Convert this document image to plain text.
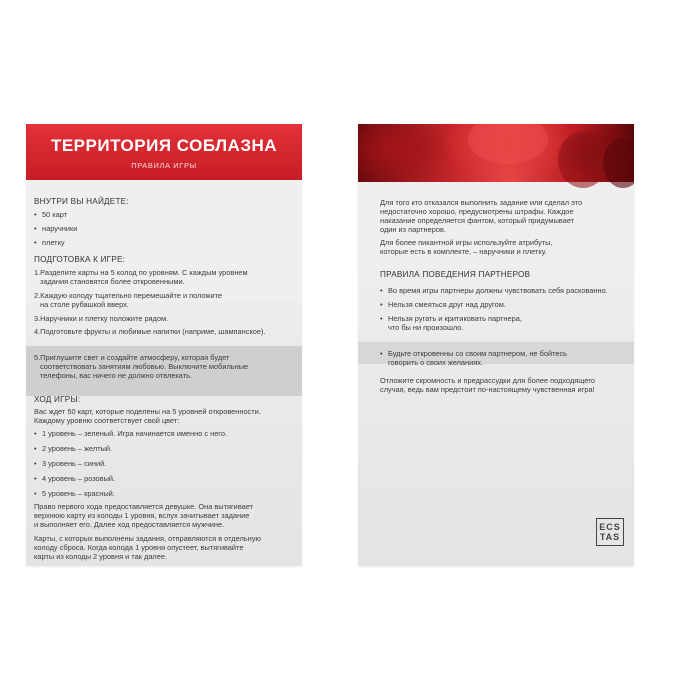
ТЕРРИТОРИЯ СОБЛАЗНА
ПРАВИЛА ИГРЫ
ВНУТРИ ВЫ НАЙДЕТЕ:
• 50 карт
• наручники
• плетку
ПОДГОТОВКА К ИГРЕ:
1.Разделите карты на 5 колод по уровням. С каждым уровнем
задания становятся более откровенными.
2.Каждую колоду тщательно перемешайте и положите
на столе рубашкой вверх.
3.Наручники и плетку положите рядом.
4.Подготовьте фрукты и любимые напитки (наприме, шампанское).
5.Приглушите свет и создайте атмосферу, которая будет
соответствовать занятиям любовью. Выключите мобильные
телефоны, вас ничего не должно отвлекать.
ХОД ИГРЫ:
Вас ждет 50 карт, которые поделены на 5 уровней откровенности.
Каждому уровню соответствует свой цвет:
• 1 уровень – зеленый. Игра начинается именно с него.
• 2 уровень – желтый.
• 3 уровень – синий.
• 4 уровень – розовый.
• 5 уровень – красный.
Право первого хода предоставляется девушке. Она вытягивает
верхнюю карту из колоды 1 уровня, вслух зачитывает задание
и выполняет его. Далее ход предоставляется мужчине.
Карты, с которых выполнены задания, отправляются в отдельную
колоду сброса. Когда колода 1 уровня опустеет, вытягивайте
карты из колоды 2 уровня и так далее.
Для того кто отказался выполнить задание или сделал это
недостаточно хорошо, предусмотрены штрафы. Каждое
наказание определяется фантом, который придумывает
один из партнеров.
Для более пикантной игры используйте атрибуты,
которые есть в комплекте, – наручники и плетку.
ПРАВИЛА ПОВЕДЕНИЯ ПАРТНЕРОВ
• Во время игры партнеры должны чувствовать себя раскованно.
• Нельзя смеяться друг над другом.
• Нельзя ругать и критиковать партнера,
что бы ни произошло.
• Будьте откровенны со своим партнером, не бойтесь
говорить о своих желаниях.
Отложите скромность и предрассудки для более подходящего
случая, ведь вам предстоит по-настоящему чувственная игра!
ECS
TAS
